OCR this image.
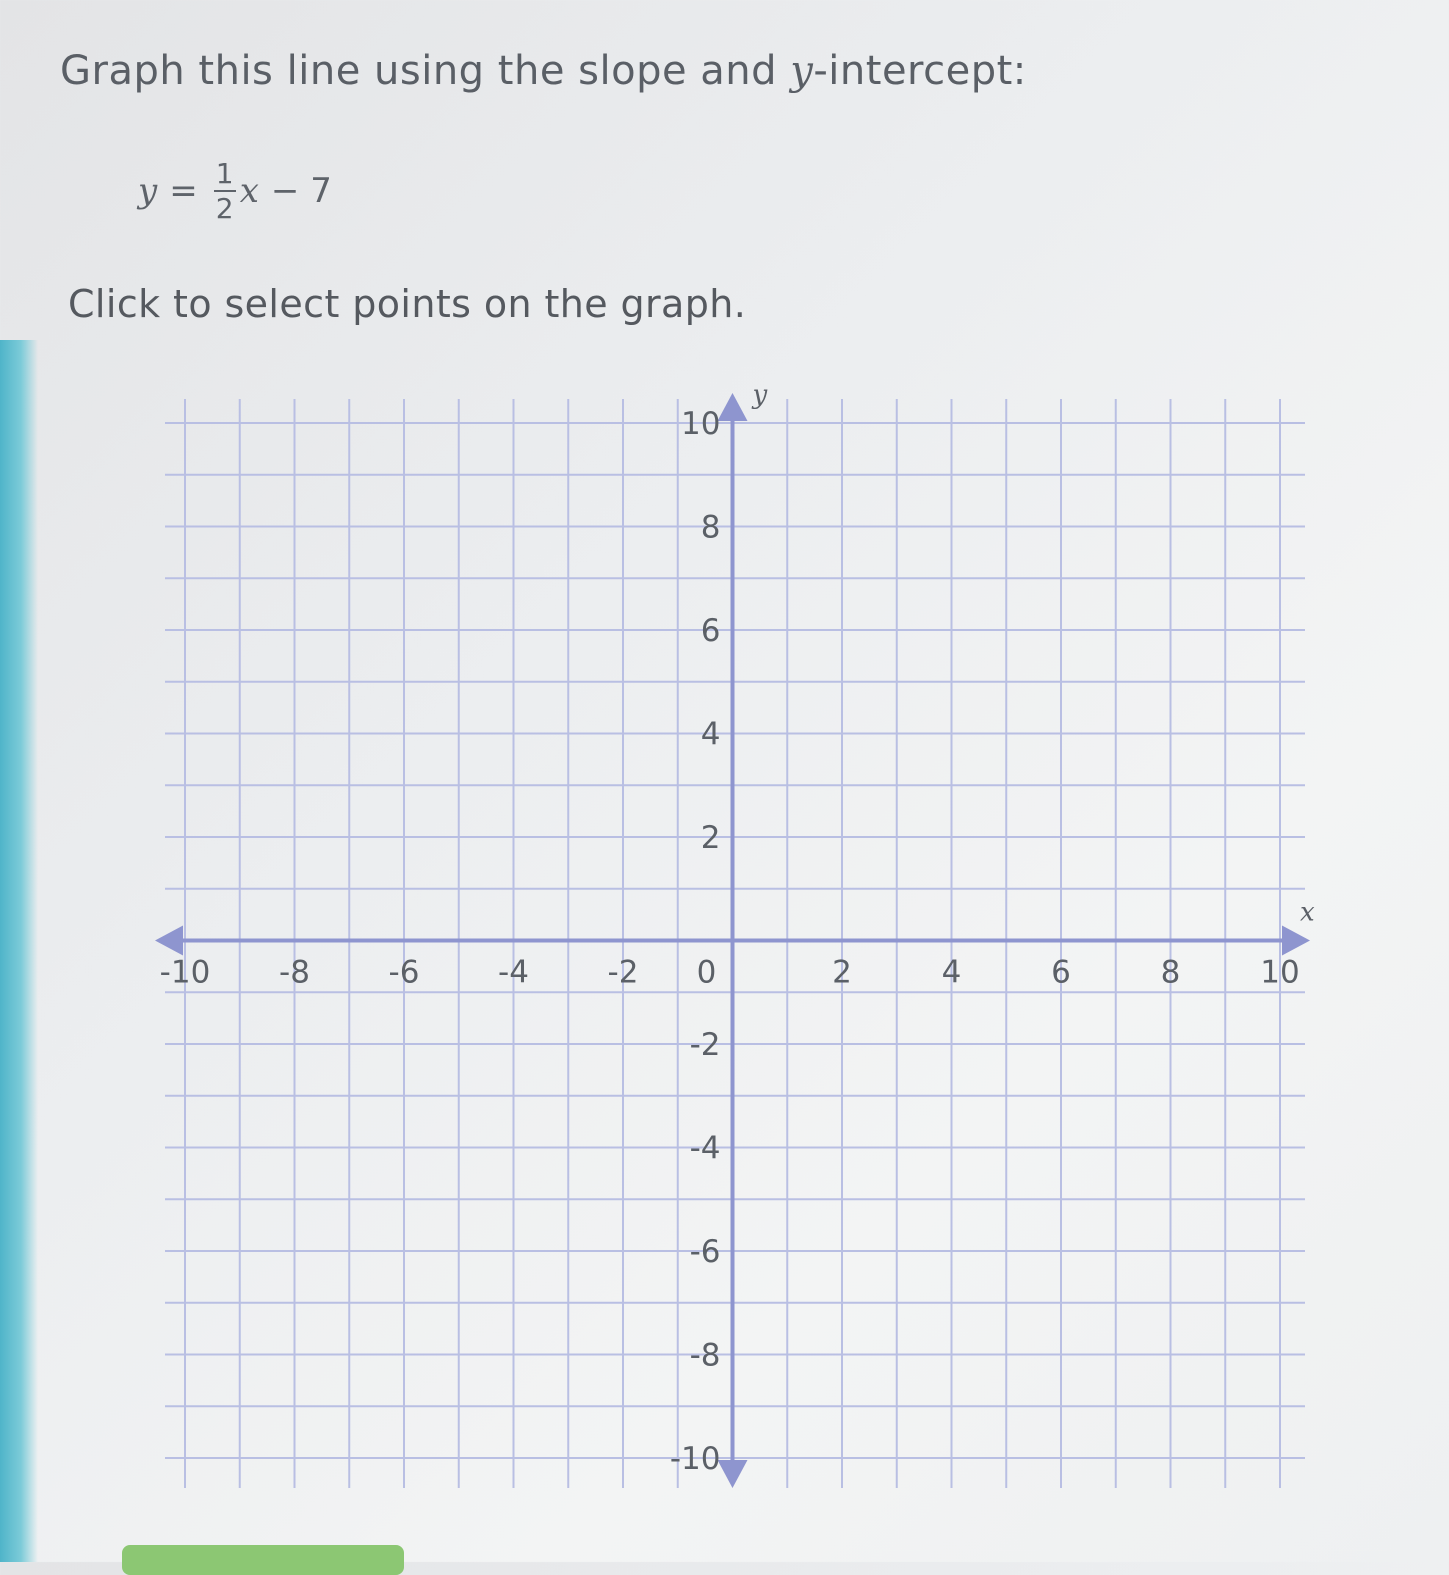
Graph this line using the slope and y-intercept:
$y = \frac{1}{2}$ x − 7
Click to select points on the graph.
x
y
-10 -8	-6	-4	-2 0	2	4	6	8	10
10
8
6
4
2
-2
-4
-6
-8
-10
